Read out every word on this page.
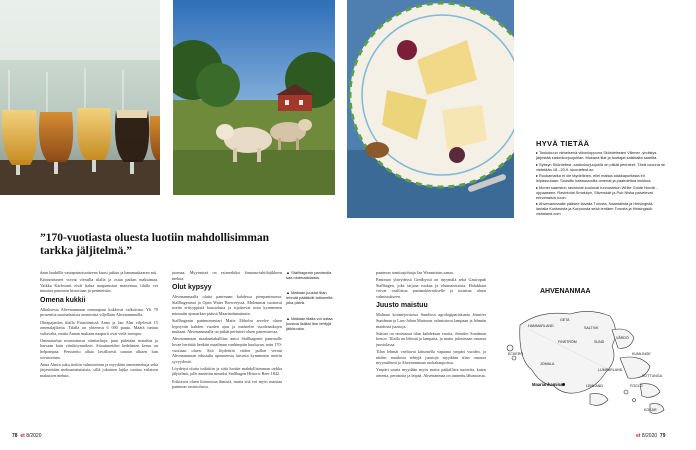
”170-vuotiasta oluesta luotiin mahdollisimman tarkka jäljitelmä.”

daan laadullle vastapainotuotteena kuusi jatkuu ja hammaskaaren asti.

Kiinnostuneet voivat vierailla tilalla ja ostaa paikan maksamaa. Vaikka Karlssonit eivät halua naapuruston maisemaa, tilalla voi tutustua panimon historiaan ja perinteisiin.

Omena kukkii

Alkuksesta Ahvenanmaan omenapuut kukkivat valkoisina. Yli 70 prosenttia suomalaisista omenoista viljellään Ahvenanmaalla.

Ohrapajanlan tilalla Finströmissä Anna ja Jan Alm viljelevät 15 omenalajiketta. Tilalla on yhteensä 6 000 puuta. Määrä tuntuu valtavalta, mutta Annan mukaan naapurit ovat vielä isompia.

Omenatarhat muistuttavat viinitarhoja: puut pidetään matalina ja harvaan kuin viiniköynnökset. Sitoutuneiden hedelmien keruu on helpompaa. Perustettu alkaa lavallisesti sanaan alkaen luin sovustetaan.

Anna Almin suku tiettiin valmistetaan ja myydään omenamehuja sekä järjestetään mehuamaistiaisia, sillä jokainen lajike tuottaa erilaisen makuisen mehun.

juomaa. Myynnissä on esimerkiksi Santana-tahtilajikkeen mehua.

Olut kypsyy

Ahvenanmaalla oluita panimaan kahdessa pienpanimossa. Stallhagenissa ja Open Water Breweryssä. Molemmat tuottavat useita erityyppisiä kausioluita ja sijaitsevat noin kymmenen minuutin ajomatkan päässä Maarianhaminasta.

Stallhagenin panimomestari Matte Ekholm arvelee oluen kypsyvän kahden vuoden ajan ja maistelee vuodenaikojen mukaan. Ahvenanmaalla on pitkät perinteet oluen panemisessa.

Ahvenanmaan maakuntahallitus antoi Stallhagenin panimolle luvan herättää henkiin maailman vanhimpiin kuuluvan, noin 170-vuotiaan oluen. Sitä löydettiin viiden pullon verran Ahvenanmaan edustalta uponneesta laivasta kymmenen metrin syvyydestä.

Löydetyä olutta tutkittiin ja siitä luotiin mahdollisimman tarkka jäljitelmä, jolle annettiin nimeksi Stallhagen Historic Beer 1842.

Erikoisen oluen kiinnostaa ihmisiä, mutta sitä voi myös maistaa panimon ravintolassa.

▲ Stallhagenin panimolla saa olutmaistiaisia.
▲ Maltaan juustot tilan lehmät päätävät laitumella joka päivä.
▲ Maltaan tilalla voi ostaa juustoa lisäksi itse tehtyjä jälkiruokia.

panimon tomitusjohtaja Jan Wennström sanoo.

Panimon yhteydessä Gredbyssä on myymälä sekä Gastropub Stallhagen, joka tarjoaa ruokaa ja olutmaistiaisia. Halukkaat voivat osallistua panimokierrokselle ja tutustua oluen valmistukseen.

Juusto maistuu

Maltaan kotimejeritossa Sundissa agrologipariskunta Jennifer Sundman ja Lars-Johan Mattsson valmistavat lampaan ja lehmän maidosta juustoja.

Sukuni on omistanut tilan kahdeksan vuotta, Jennifer Sundman kertoo. Tilalla on lehmiä ja lampaita, ja maito jalostetaan omassa juustolassa.

Tilan lehmät vaeltavat laitumella vapaana ympäri vuoden, ja niiden maidosta tehtyjä juustoja myydään tilan omassa myymälässä ja Ahvenanmaan ruokakaupoissa.

Ympäri saaria myydään myös muita paikallisia tuotteita, kuten omenia, perunoita ja leipää. Ahvenanmaa on tunnettu lähiruoasta.

HYVÄ TIETÄÄ
▸ Toukokuun viimeisenä viikonloppuna Skördefesten Vårmer -yhdistys järjestää sadonkorjuujuhlan. Mukana tilat ja tuottajat kaikkialta saarilta.
▸ Syksyn Skördefest -sadonkorjuujuhla on pitkät perinteet. Tänä vuonna se vietetään 18.–20.9. skordefest.ax
▸ Ruokamatka ei ole täydellinen, ellei maista alakkapurilasta eli leipäsuutaan. Suosittu kattausroolia omenat ja paahdettua kinkkua.
▸ Monet saariston ravintolat kuuluvat tunnustetun White Guide Nordic -oppaaseen. Ravintolat Smakbyn, Silverskär ja Pub Niska palvelevat erinomaisin ruoin.
▸ Ahvenanmaalle pääsee laivalla Turusta, Naantalista ja Helsingistä, lautalla Kustavista ja Korpoosta sekä lentäen Turusta ja Helsingistä. visitaland.com
AHVENANMAA
HAMMARLAND
ECKERÖ
GETA
SALTVIK
SUND
FINSTRÖM
VÅRDÖ
JOMALA
LEMLAND
LUMPARLAND
FÖGLÖ
KÖKAR
SOTTUNGA
KUMLINGE
Maarianhamina
78 et 8/2020	et 8/2020 79
